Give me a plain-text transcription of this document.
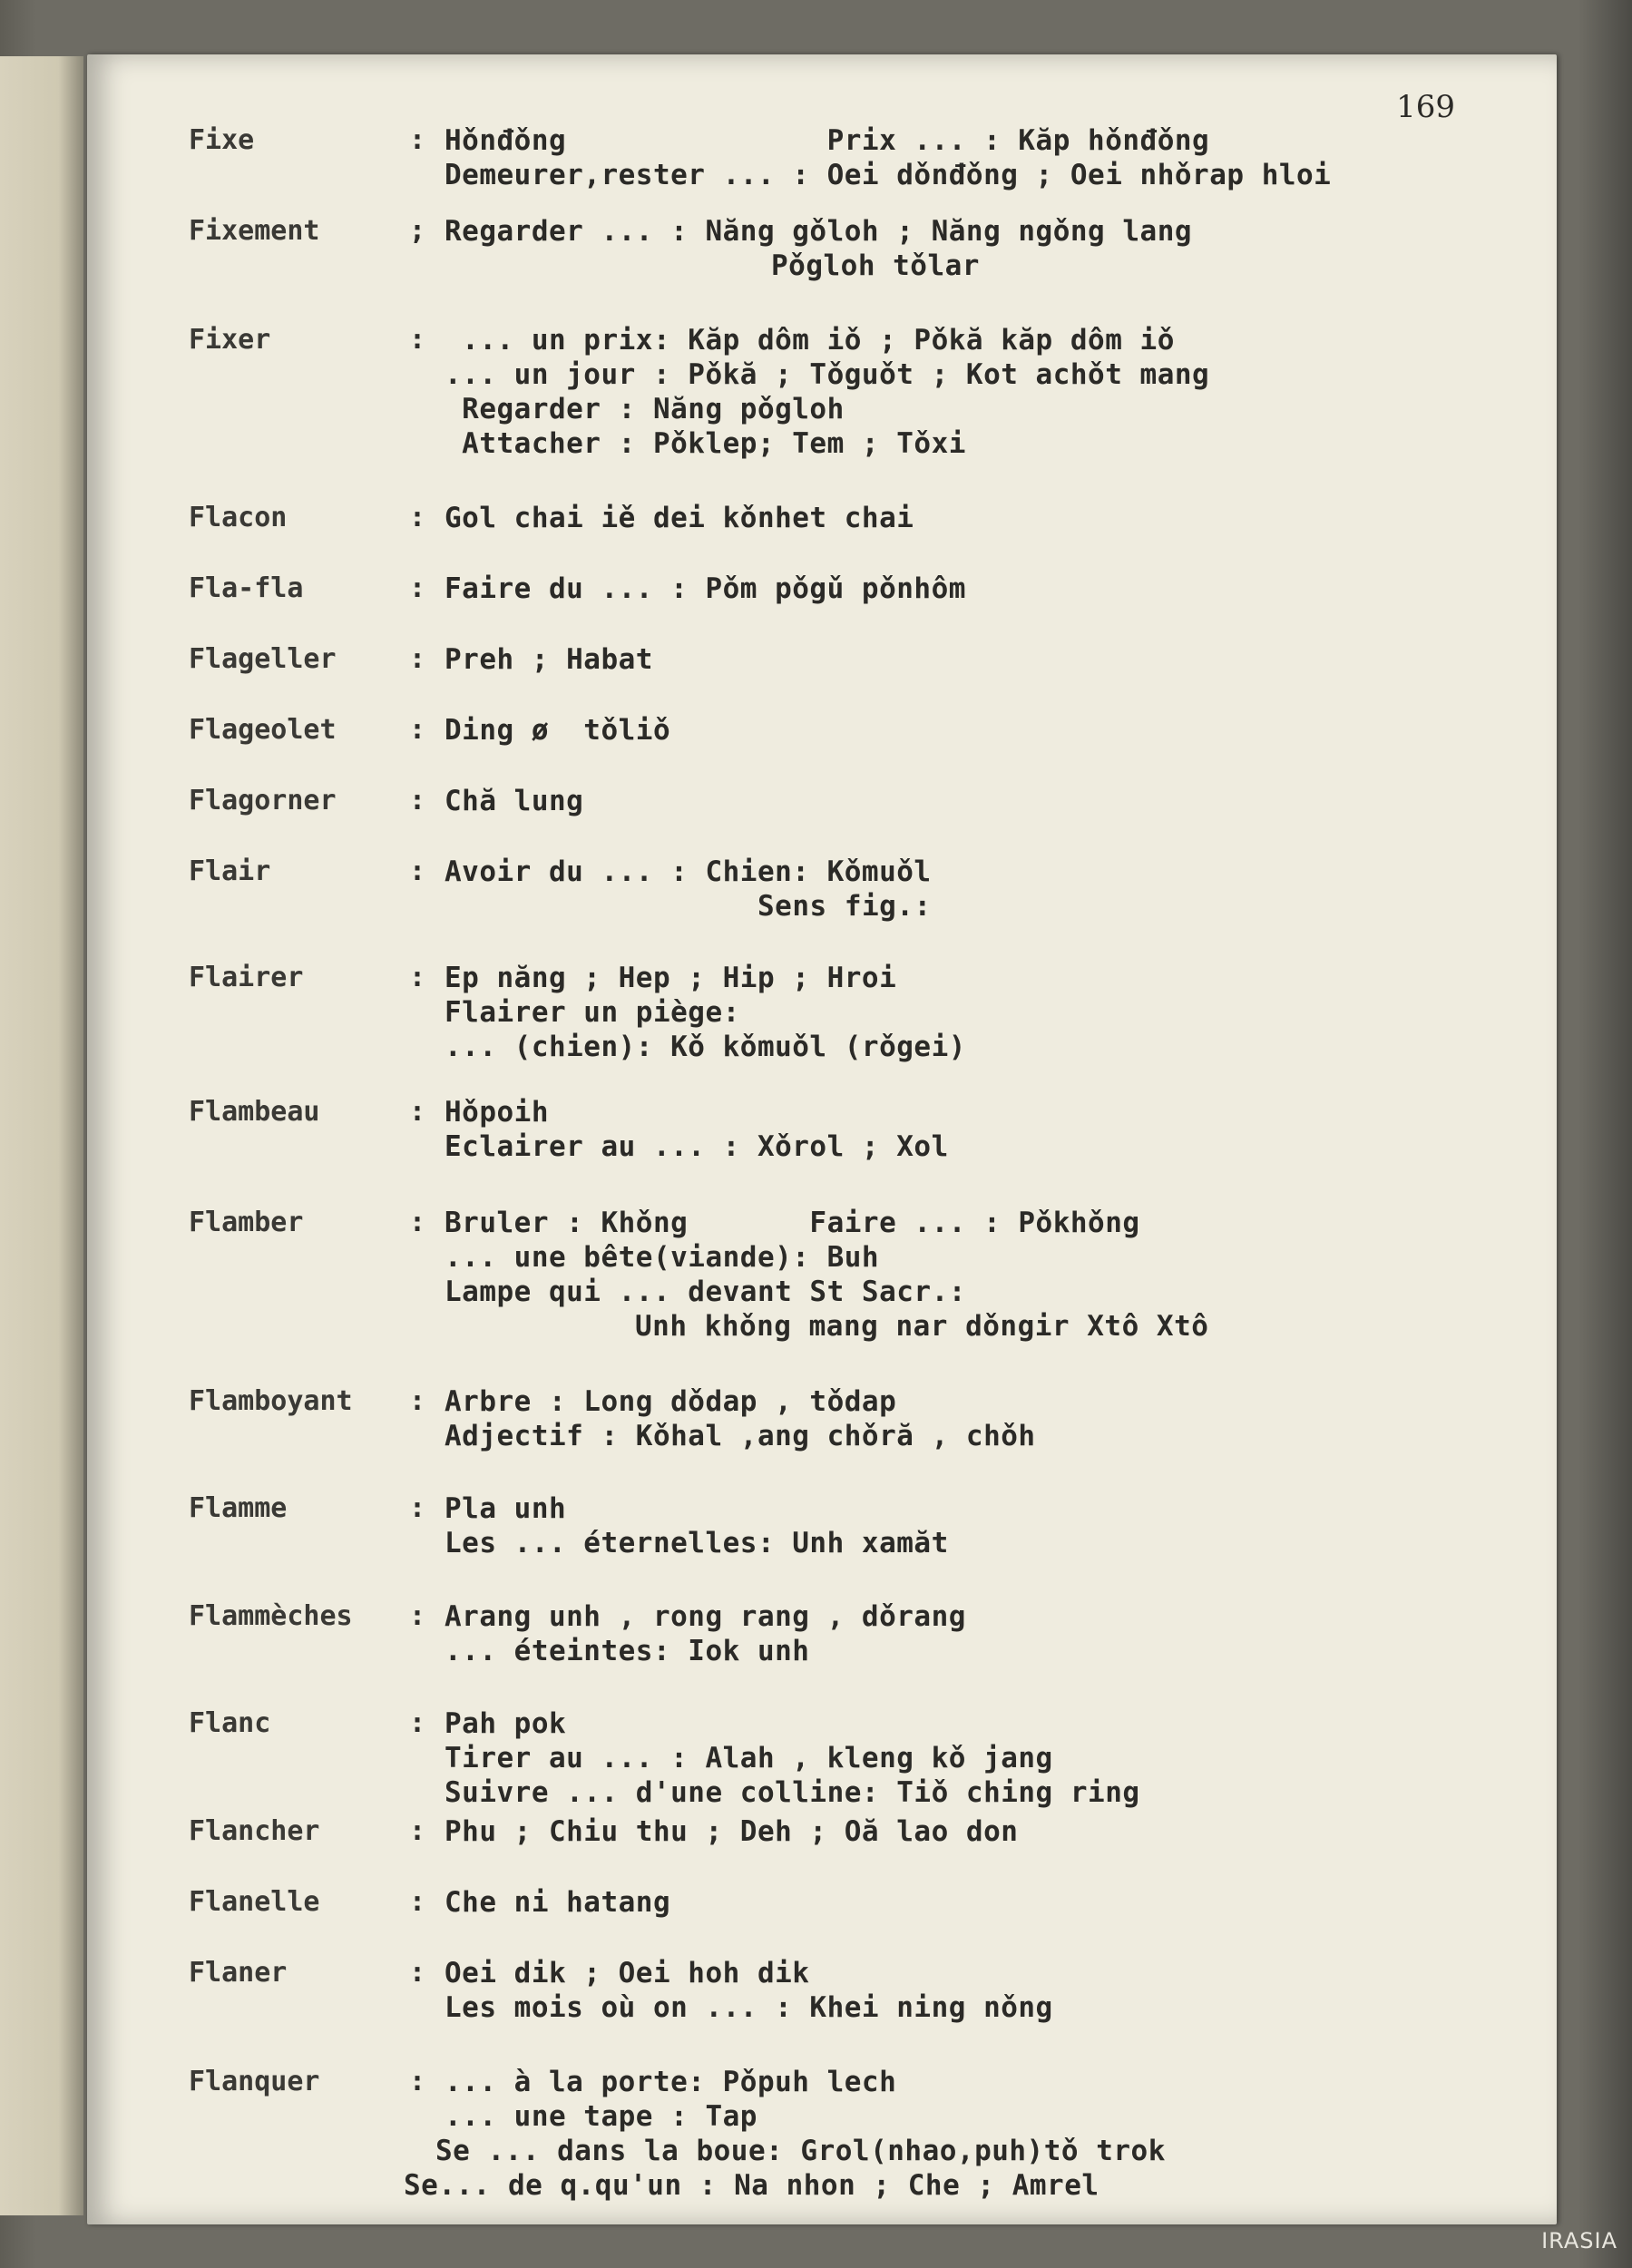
169
Fixe	: Hǒnđǒng               Prix ... : Kăp hǒnđǒng
Demeurer,rester ... : Oei dǒnđǒng ; Oei nhǒrap hloi
Fixement	; Regarder ... : Năng gǒloh ; Năng ngǒng lang
Pǒgloh tǒlar
Fixer	: ... un prix: Kăp dôm iǒ ; Pǒkă kăp dôm iǒ
... un jour : Pǒkă ; Tǒguǒt ; Kot achǒt mang
Regarder : Năng pǒgloh
Attacher : Pǒklep; Tem ; Tǒxi
Flacon	: Gol chai iě dei kǒnhet chai
Fla-fla	: Faire du ... : Pǒm pǒgǔ pǒnhôm
Flageller	: Preh ; Habat
Flageolet	: Ding ø  tǒliǒ
Flagorner	: Chă lung
Flair	: Avoir du ... : Chien: Kǒmuǒl
Sens fig.:
Flairer	: Ep năng ; Hep ; Hip ; Hroi
Flairer un piège:
... (chien): Kǒ kǒmuǒl (rǒgei)
Flambeau	: Hǒpoih
Eclairer au ... : Xǒrol ; Xol
Flamber	: Bruler : Khǒng       Faire ... : Pǒkhǒng
... une bête(viande): Buh
Lampe qui ... devant St Sacr.:
Unh khǒng mang nar dǒngir Xtô Xtô
Flamboyant : Arbre : Long dǒdap , tǒdap
Adjectif : Kǒhal ,ang chǒră , chǒh
Flamme	: Pla unh
Les ... éternelles: Unh xamăt
Flammèches : Arang unh , rong rang , dǒrang
... éteintes: Iok unh
Flanc	: Pah pok
Tirer au ... : Alah , kleng kǒ jang
Suivre ... d'une colline: Tiǒ ching ring
Flancher	: Phu ; Chiu thu ; Deh ; Oă lao don
Flanelle	: Che ni hatang
Flaner	: Oei dik ; Oei hoh dik
Les mois où on ... : Khei ning nǒng
Flanquer	: ... à la porte: Pǒpuh lech
... une tape : Tap
Se ... dans la boue: Grol(nhao,puh)tǒ trok
Se... de q.qu'un : Na nhon ; Che ; Amrel
IRASIA
